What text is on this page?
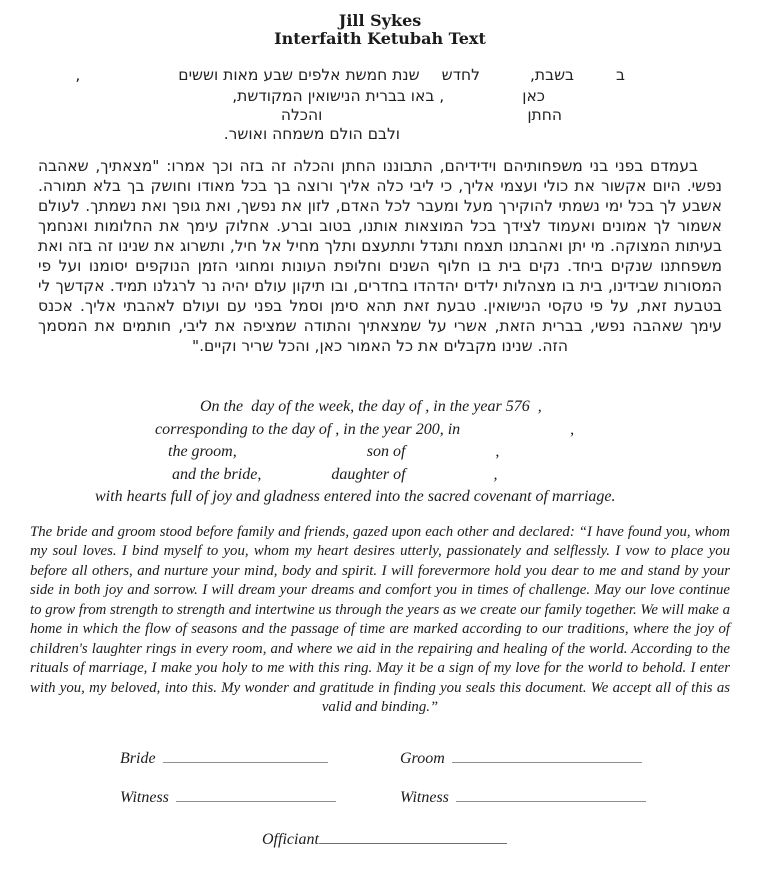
Jill Sykes
Interfaith Ketubah Text
ב
בשבת,
לחדש
שנת חמשת אלפים שבע מאות וששים
,
כאן
, באו בברית הנישואין המקודשת,
החתן
והכלה
ולבם הולם משמחה ואושר.
בעמדם בפני בני משפחותיהם וידידיהם, התבוננו החתן והכלה זה בזה וכך אמרו: "מצאתיך, שאהבה נפשי. היום אקשור את כולי ועצמי אליך, כי ליבי כלה אליך ורוצה בך בכל מאודו וחושק בך בלא תמורה. אשבע לך בכל ימי נשמתי להוקירך מעל ומעבר לכל האדם, לזון את נפשך, ואת גופך ואת נשמתך. לעולם אשמור לך אמונים ואעמוד לצידך בכל המוצאות אותנו, בטוב וברע. אחלוק עימך את החלומות ואנחמך בעיתות המצוקה. מי יתן ואהבתנו תצמח ותגדל ותתעצם ותלך מחיל אל חיל, ותשרוג את שנינו זה בזה ואת משפחתנו שנקים ביחד. נקים בית בו חלוף השנים וחלופת העונות ומחוגי הזמן הנוקפים יסומנו ועל פי המסורות שבידינו, בית בו מצהלות ילדים יהדהדו בחדרים, ובו תיקון עולם יהיה נר לרגלנו תמיד. אקדשך לי בטבעת זאת, על פי טקסי הנישואין. טבעת זאת תהא סימן וסמל בפני עם ועולם לאהבתי אליך. אכנס עימך שאהבה נפשי, בברית הזאת, אשרי על שמצאתיך והתודה שמציפה את ליבי, חותמים את המסמך הזה. שנינו מקבלים את כל האמור כאן, והכל שריר וקיים."
On the  day of the week, the day of , in the year 576  ,
corresponding to the day of , in the year 200, in	,
the groom,	son of	,
and the bride,	daughter of	,
with hearts full of joy and gladness entered into the sacred covenant of marriage.
The bride and groom stood before family and friends, gazed upon each other and declared: “I have found you, whom my soul loves. I bind myself to you, whom my heart desires utterly, passionately and selflessly. I vow to place you before all others, and nurture your mind, body and spirit. I will forevermore hold you dear to me and stand by your side in both joy and sorrow. I will dream your dreams and comfort you in times of challenge. May our love continue to grow from strength to strength and intertwine us through the years as we create our family together. We will make a home in which the flow of seasons and the passage of time are marked according to our traditions, where the joy of children's laughter rings in every room, and where we aid in the repairing and healing of the world. According to the rituals of marriage, I make you holy to me with this ring. May it be a sign of my love for the world to behold. I enter with you, my beloved, into this. My wonder and gratitude in finding you seals this document. We accept all of this as valid and binding.”
Bride	Groom
Witness	Witness
Officiant
